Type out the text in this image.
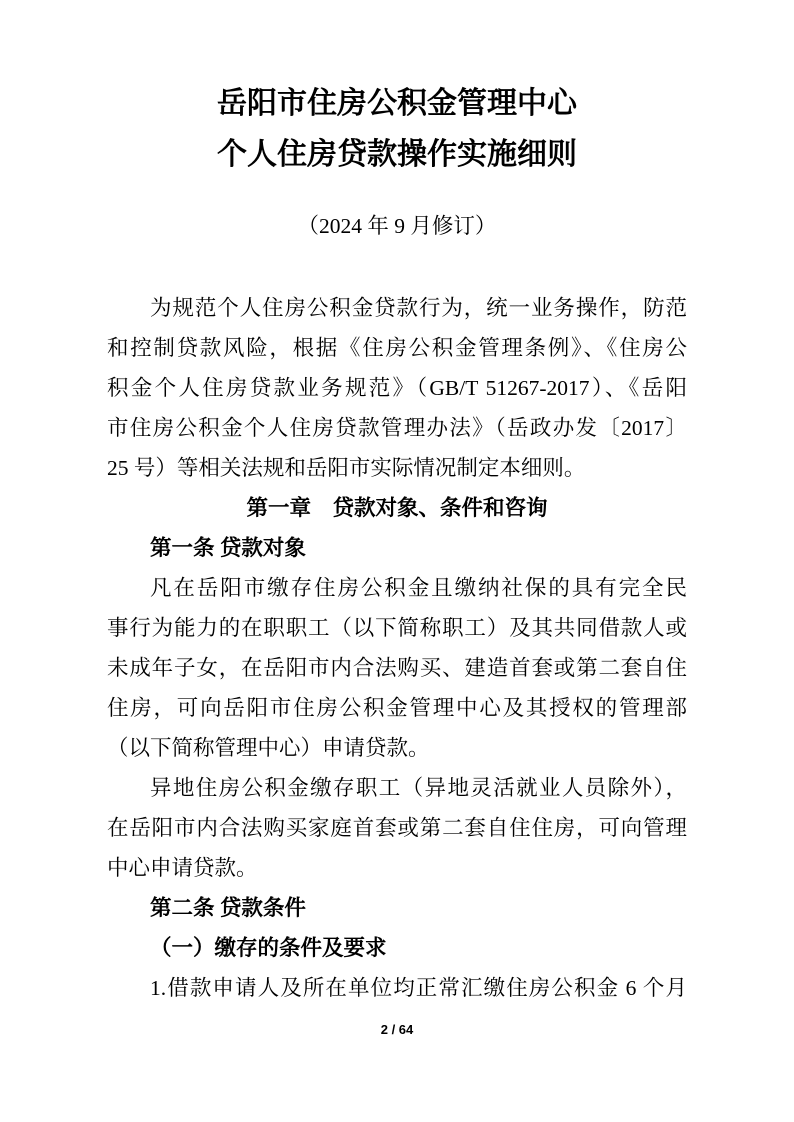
岳阳市住房公积金管理中心
个人住房贷款操作实施细则
（2024 年 9 月修订）
为规范个人住房公积金贷款行为，统一业务操作，防范
和控制贷款风险，根据《住房公积金管理条例》、《住房公
积金个人住房贷款业务规范》（GB/T 51267-2017）、《岳阳
市住房公积金个人住房贷款管理办法》（岳政办发〔2017〕
25 号）等相关法规和岳阳市实际情况制定本细则。
第一章　贷款对象、条件和咨询
第一条 贷款对象
凡在岳阳市缴存住房公积金且缴纳社保的具有完全民
事行为能力的在职职工（以下简称职工）及其共同借款人或
未成年子女，在岳阳市内合法购买、建造首套或第二套自住
住房，可向岳阳市住房公积金管理中心及其授权的管理部
（以下简称管理中心）申请贷款。
异地住房公积金缴存职工（异地灵活就业人员除外），
在岳阳市内合法购买家庭首套或第二套自住住房，可向管理
中心申请贷款。
第二条 贷款条件
（一）缴存的条件及要求
1.借款申请人及所在单位均正常汇缴住房公积金 6 个月
2 / 64
